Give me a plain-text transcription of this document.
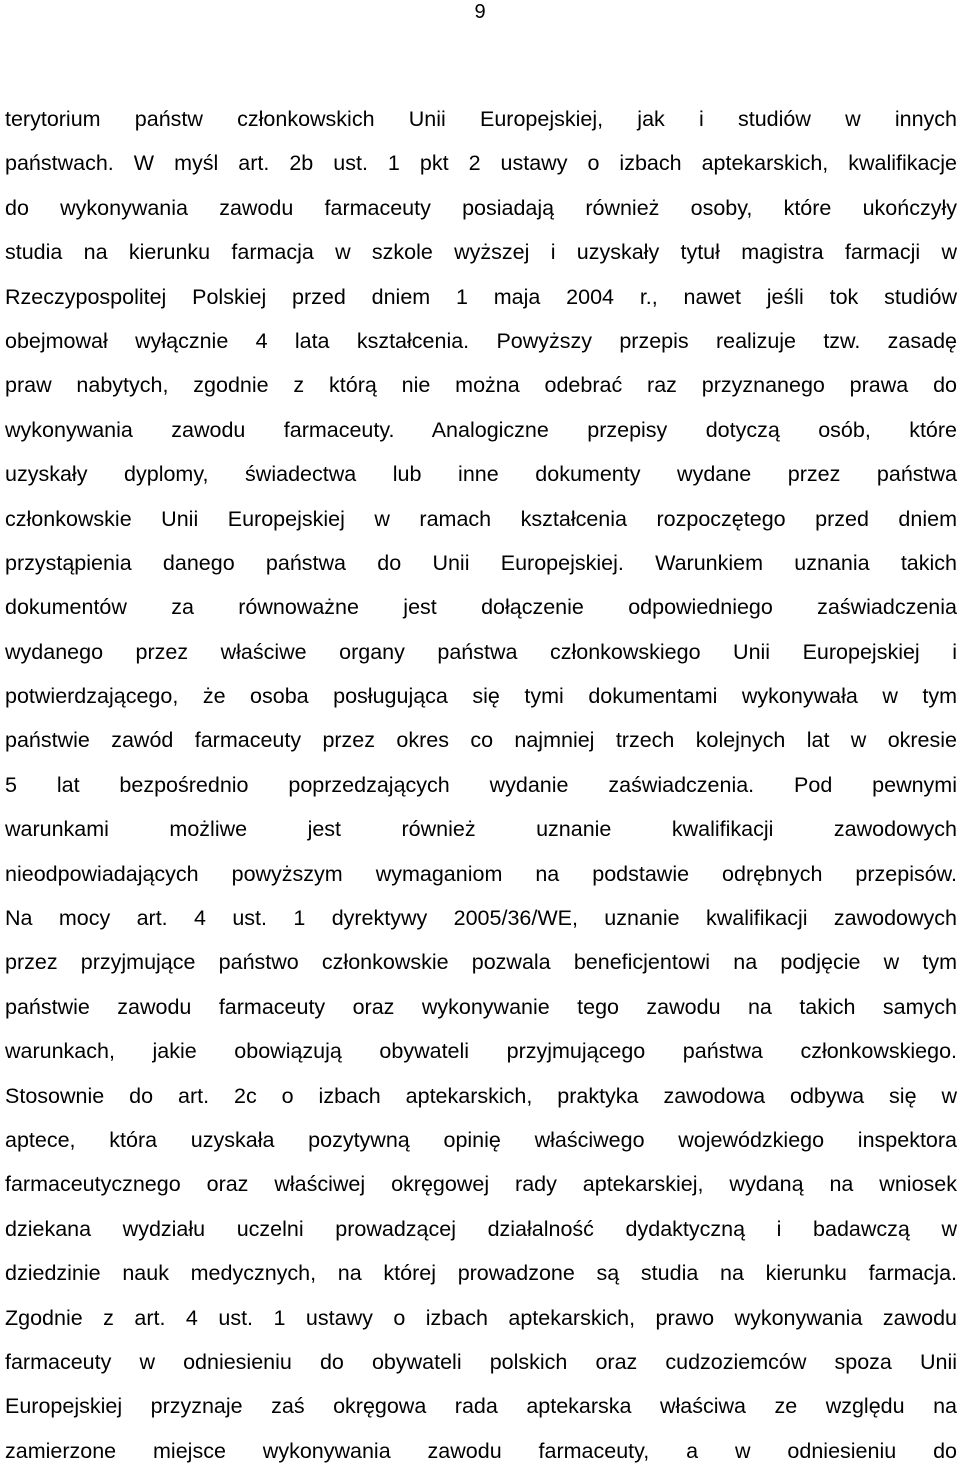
9
terytorium państw członkowskich Unii Europejskiej, jak i studiów w innych
państwach. W myśl art. 2b ust. 1 pkt 2 ustawy o izbach aptekarskich, kwalifikacje
do wykonywania zawodu farmaceuty posiadają również osoby, które ukończyły
studia na kierunku farmacja w szkole wyższej i uzyskały tytuł magistra farmacji w
Rzeczypospolitej Polskiej przed dniem 1 maja 2004 r., nawet jeśli tok studiów
obejmował wyłącznie 4 lata kształcenia. Powyższy przepis realizuje tzw. zasadę
praw nabytych, zgodnie z którą nie można odebrać raz przyznanego prawa do
wykonywania zawodu farmaceuty. Analogiczne przepisy dotyczą osób, które
uzyskały dyplomy, świadectwa lub inne dokumenty wydane przez państwa
członkowskie Unii Europejskiej w ramach kształcenia rozpoczętego przed dniem
przystąpienia danego państwa do Unii Europejskiej. Warunkiem uznania takich
dokumentów za równoważne jest dołączenie odpowiedniego zaświadczenia
wydanego przez właściwe organy państwa członkowskiego Unii Europejskiej i
potwierdzającego, że osoba posługująca się tymi dokumentami wykonywała w tym
państwie zawód farmaceuty przez okres co najmniej trzech kolejnych lat w okresie
5 lat bezpośrednio poprzedzających wydanie zaświadczenia. Pod pewnymi
warunkami możliwe jest również uznanie kwalifikacji zawodowych
nieodpowiadających powyższym wymaganiom na podstawie odrębnych przepisów.
Na mocy art. 4 ust. 1 dyrektywy 2005/36/WE, uznanie kwalifikacji zawodowych
przez przyjmujące państwo członkowskie pozwala beneficjentowi na podjęcie w tym
państwie zawodu farmaceuty oraz wykonywanie tego zawodu na takich samych
warunkach, jakie obowiązują obywateli przyjmującego państwa członkowskiego.
Stosownie do art. 2c o izbach aptekarskich, praktyka zawodowa odbywa się w
aptece, która uzyskała pozytywną opinię właściwego wojewódzkiego inspektora
farmaceutycznego oraz właściwej okręgowej rady aptekarskiej, wydaną na wniosek
dziekana wydziału uczelni prowadzącej działalność dydaktyczną i badawczą w
dziedzinie nauk medycznych, na której prowadzone są studia na kierunku farmacja.
Zgodnie z art. 4 ust. 1 ustawy o izbach aptekarskich, prawo wykonywania zawodu
farmaceuty w odniesieniu do obywateli polskich oraz cudzoziemców spoza Unii
Europejskiej przyznaje zaś okręgowa rada aptekarska właściwa ze względu na
zamierzone miejsce wykonywania zawodu farmaceuty, a w odniesieniu do
